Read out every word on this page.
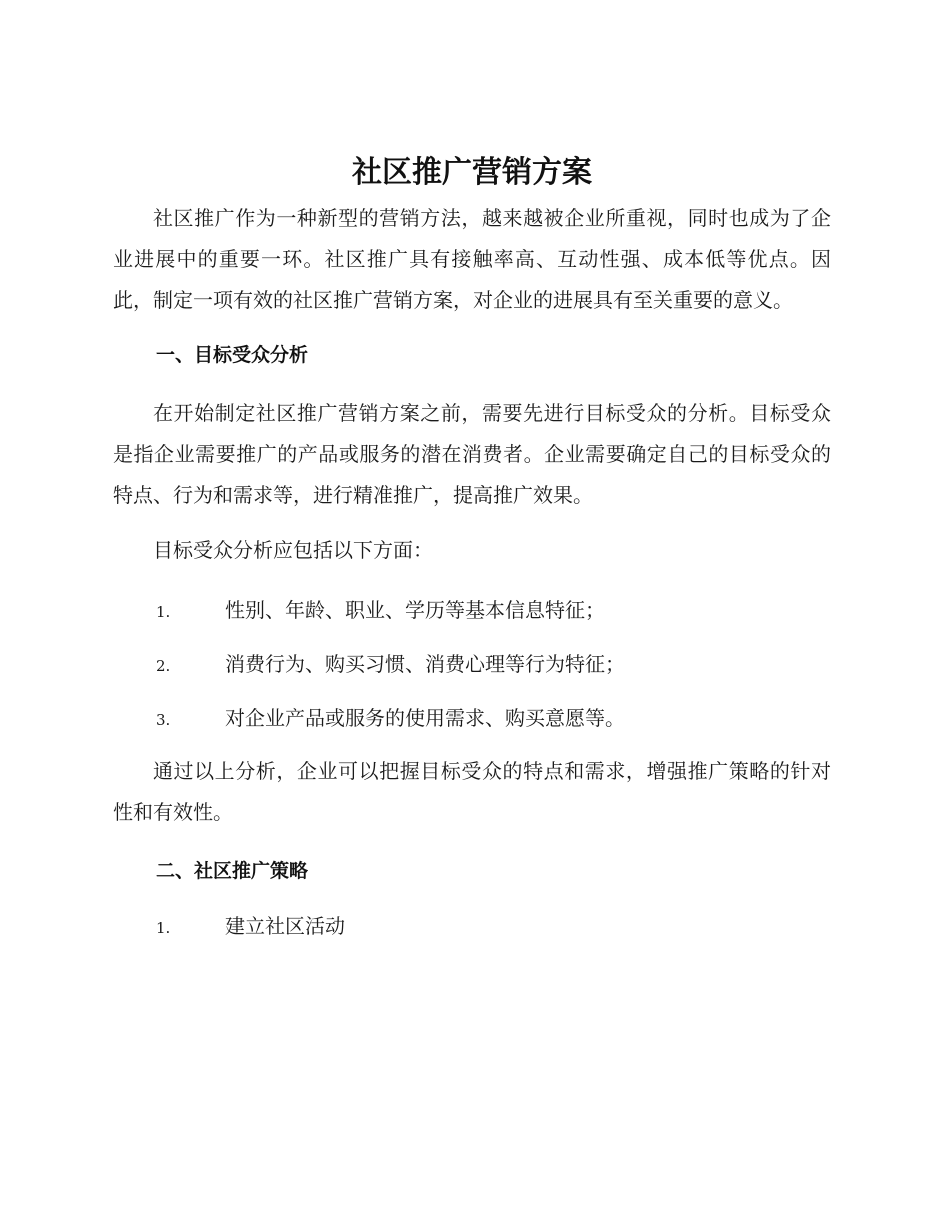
社区推广营销方案

社区推广作为一种新型的营销方法，越来越被企业所重视，同时也成为了企业进展中的重要一环。社区推广具有接触率高、互动性强、成本低等优点。因此，制定一项有效的社区推广营销方案，对企业的进展具有至关重要的意义。

一、目标受众分析

在开始制定社区推广营销方案之前，需要先进行目标受众的分析。目标受众是指企业需要推广的产品或服务的潜在消费者。企业需要确定自己的目标受众的特点、行为和需求等，进行精准推广，提高推广效果。

目标受众分析应包括以下方面：

1.	性别、年龄、职业、学历等基本信息特征；
2.	消费行为、购买习惯、消费心理等行为特征；
3.	对企业产品或服务的使用需求、购买意愿等。

通过以上分析，企业可以把握目标受众的特点和需求，增强推广策略的针对性和有效性。

二、社区推广策略
1.	建立社区活动
